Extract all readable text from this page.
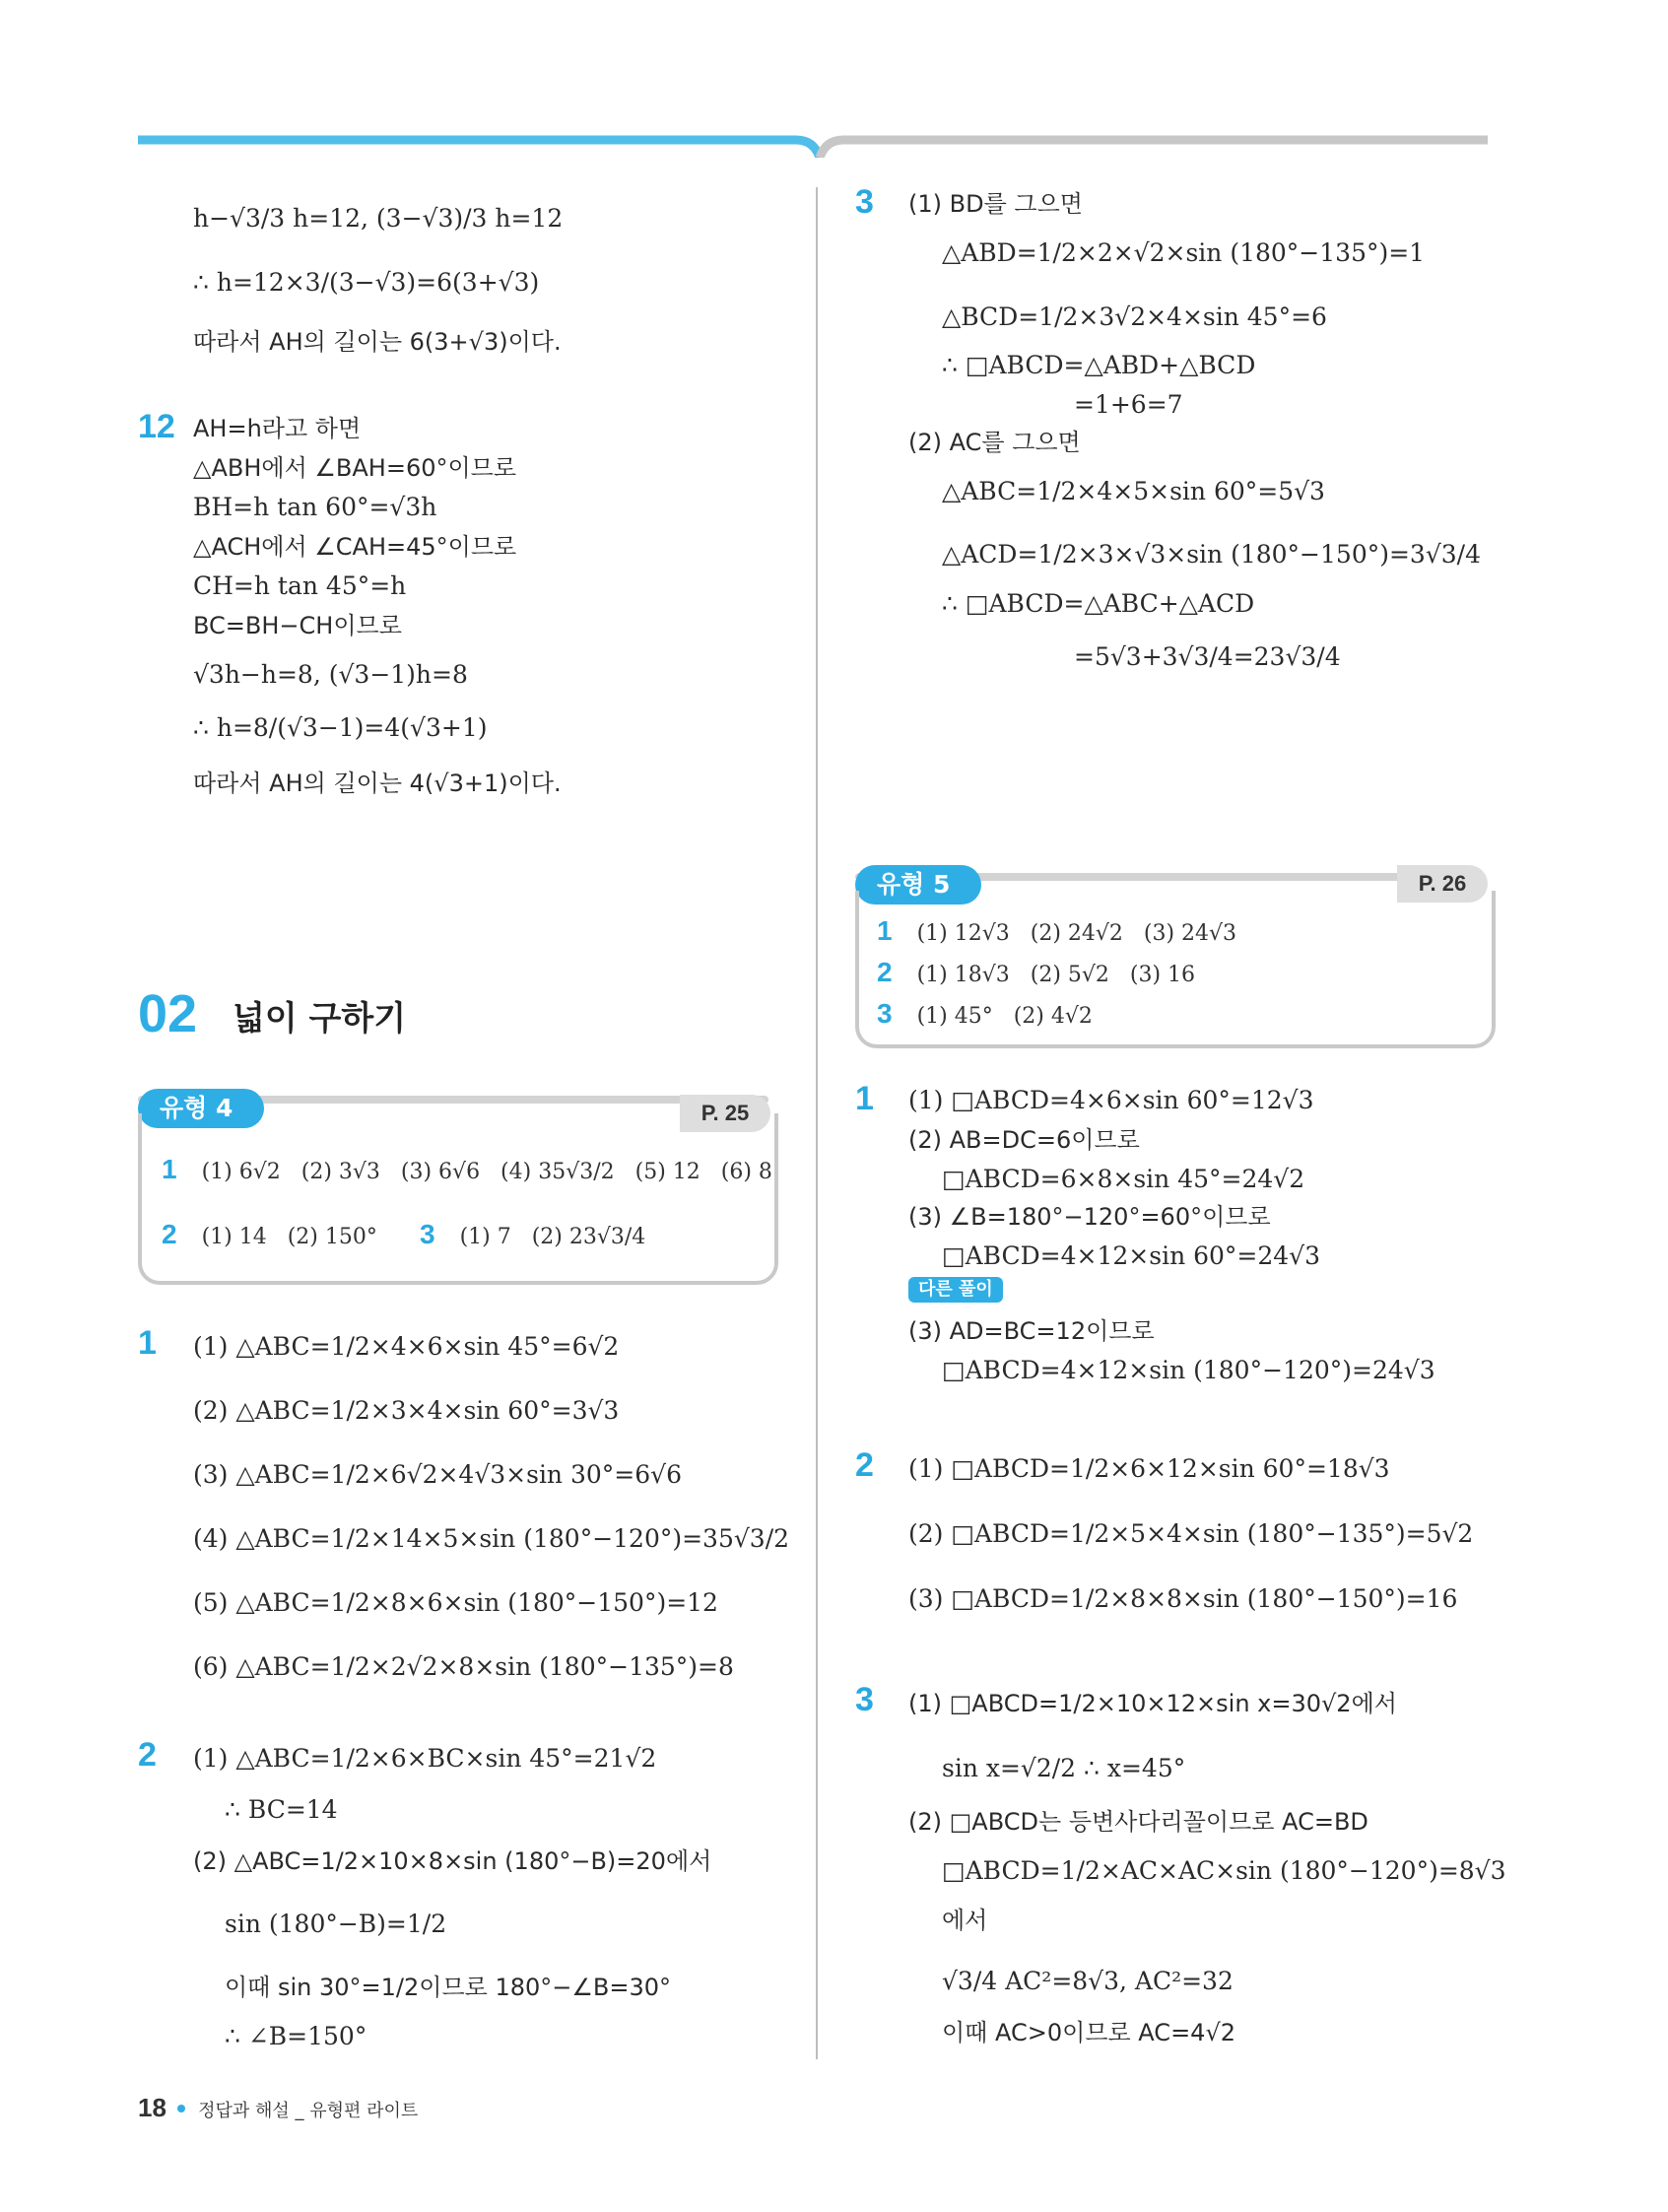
h−√3/3 h=12, (3−√3)/3 h=12
∴ h=12×3/(3−√3)=6(3+√3)
따라서 AH의 길이는 6(3+√3)이다.
12 AH=h라고 하면
△ABH에서 ∠BAH=60°이므로
BH=h tan 60°=√3h
△ACH에서 ∠CAH=45°이므로
CH=h tan 45°=h
BC=BH−CH이므로
√3h−h=8, (√3−1)h=8
∴ h=8/(√3−1)=4(√3+1)
따라서 AH의 길이는 4(√3+1)이다.
02 넓이 구하기
유형 4	P. 25
1 (1) 6√2 (2) 3√3 (3) 6√6 (4) 35√3/2 (5) 12 (6) 8
2 (1) 14 (2) 150° 3 (1) 7 (2) 23√3/4
1 (1) △ABC=1/2×4×6×sin 45°=6√2
(2) △ABC=1/2×3×4×sin 60°=3√3
(3) △ABC=1/2×6√2×4√3×sin 30°=6√6
(4) △ABC=1/2×14×5×sin (180°−120°)=35√3/2
(5) △ABC=1/2×8×6×sin (180°−150°)=12
(6) △ABC=1/2×2√2×8×sin (180°−135°)=8
2 (1) △ABC=1/2×6×BC×sin 45°=21√2
∴ BC=14
(2) △ABC=1/2×10×8×sin (180°−B)=20에서
sin (180°−B)=1/2
이때 sin 30°=1/2이므로 180°−∠B=30°
∴ ∠B=150°
3 (1) BD를 그으면
△ABD=1/2×2×√2×sin (180°−135°)=1
△BCD=1/2×3√2×4×sin 45°=6
∴ □ABCD=△ABD+△BCD
=1+6=7
(2) AC를 그으면
△ABC=1/2×4×5×sin 60°=5√3
△ACD=1/2×3×√3×sin (180°−150°)=3√3/4
∴ □ABCD=△ABC+△ACD
=5√3+3√3/4=23√3/4
유형 5	P. 26
1 (1) 12√3 (2) 24√2 (3) 24√3
2 (1) 18√3 (2) 5√2 (3) 16
3 (1) 45° (2) 4√2
1 (1) □ABCD=4×6×sin 60°=12√3
(2) AB=DC=6이므로
□ABCD=6×8×sin 45°=24√2
(3) ∠B=180°−120°=60°이므로
□ABCD=4×12×sin 60°=24√3
다른 풀이
(3) AD=BC=12이므로
□ABCD=4×12×sin (180°−120°)=24√3
2 (1) □ABCD=1/2×6×12×sin 60°=18√3
(2) □ABCD=1/2×5×4×sin (180°−135°)=5√2
(3) □ABCD=1/2×8×8×sin (180°−150°)=16
3 (1) □ABCD=1/2×10×12×sin x=30√2에서
sin x=√2/2 ∴ x=45°
(2) □ABCD는 등변사다리꼴이므로 AC=BD
□ABCD=1/2×AC×AC×sin (180°−120°)=8√3
에서
√3/4 AC²=8√3, AC²=32
이때 AC>0이므로 AC=4√2
18 정답과 해설 _ 유형편 라이트
